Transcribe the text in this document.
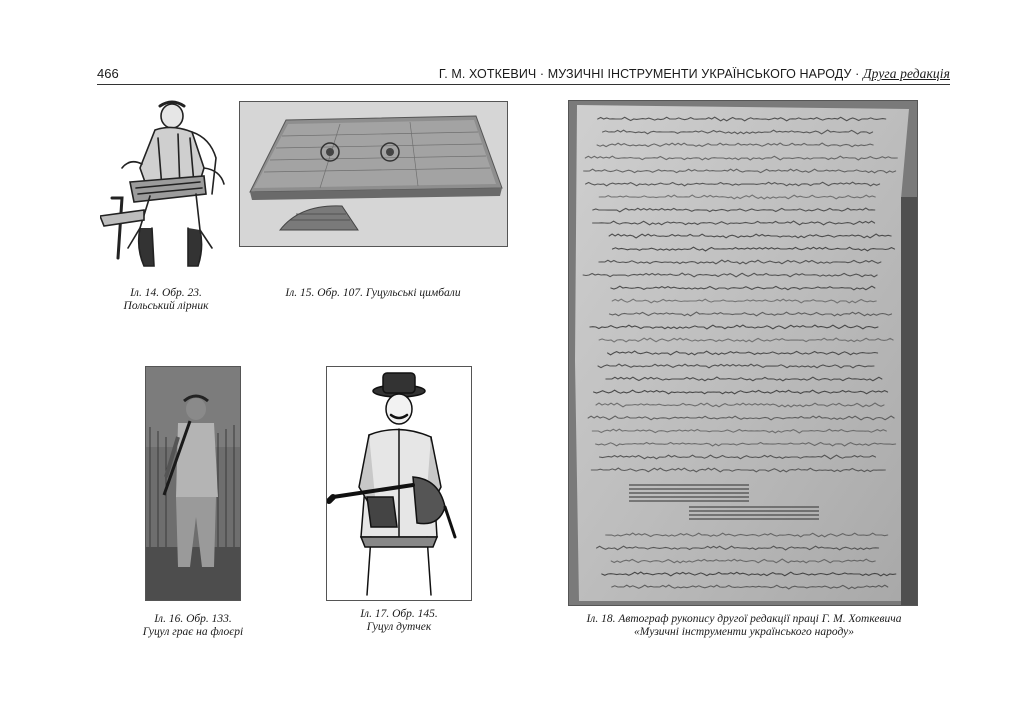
466	Г. М. ХОТКЕВИЧ · МУЗИЧНІ ІНСТРУМЕНТИ УКРАЇНСЬКОГО НАРОДУ · Друга редакція
Іл. 14. Обр. 23.
Польський лірник
Іл. 15. Обр. 107. Гуцульські цимбали
Іл. 16. Обр. 133.
Гуцул грає на флоєрі
Іл. 17. Обр. 145.
Гуцул дутчек
Іл. 18. Автограф рукопису другої редакції праці Г. М. Хоткевича
«Музичні інструменти українського народу»
